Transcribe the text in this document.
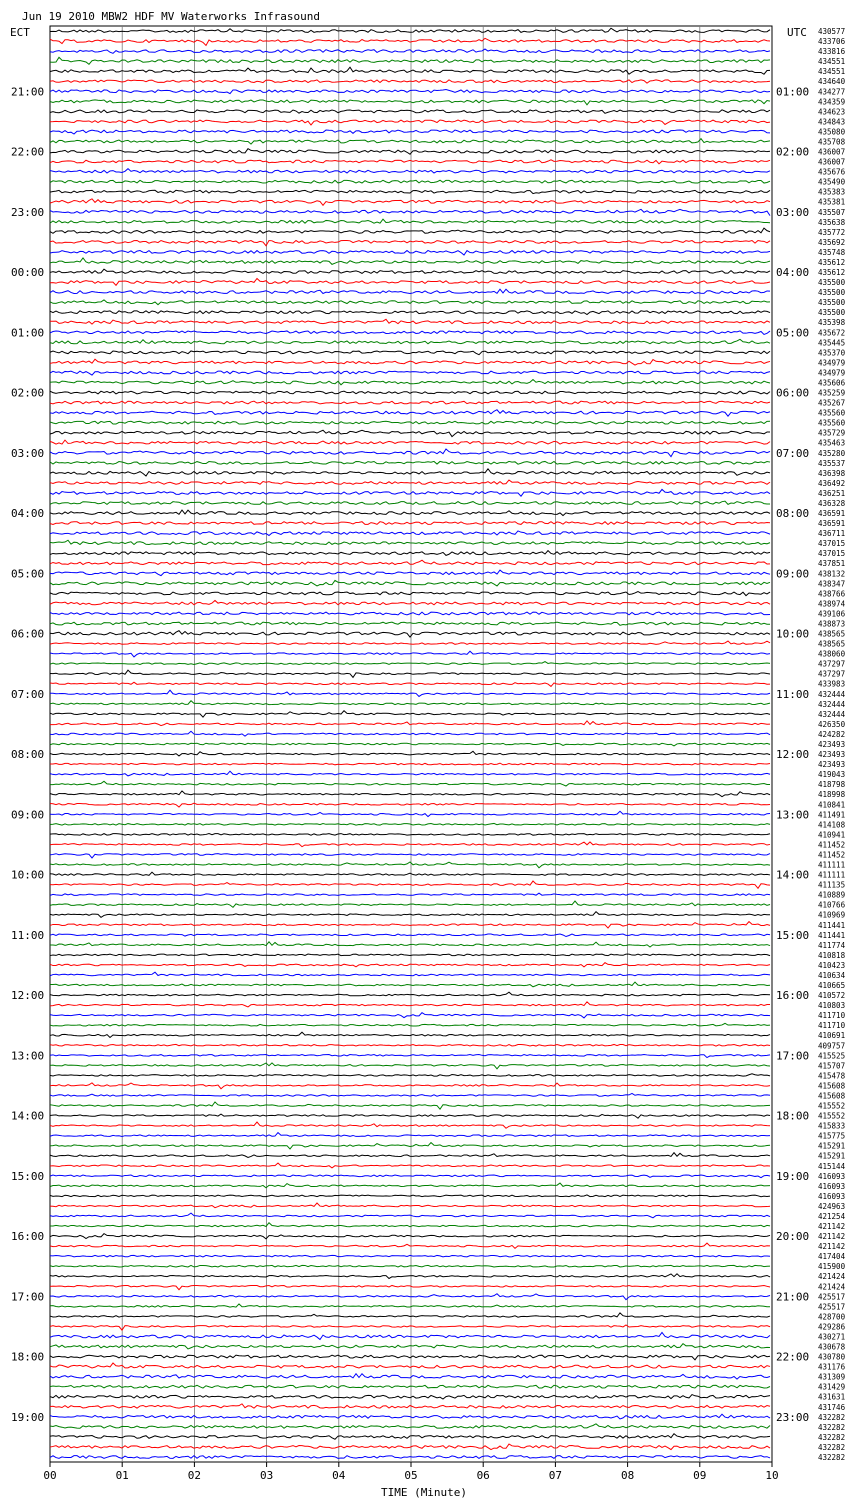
Jun 19 2010 MBW2 HDF MV Waterworks Infrasound
ECT	UTC
21:00
22:00
23:00
00:00
01:00
02:00
03:00
04:00
05:00
06:00
07:00
08:00
09:00
10:00
11:00
12:00
13:00
14:00
15:00
16:00
17:00
18:00
19:00
01:00
02:00
03:00
04:00
05:00
06:00
07:00
08:00
09:00
10:00
11:00
12:00
13:00
14:00
15:00
16:00
17:00
18:00
19:00
20:00
21:00
22:00
23:00
430577
433706
433816
434551
434551
434640
434277
434359
434623
434843
435080
435708
436007
436007
435676
435490
435383
435381
435507
435638
435772
435692
435748
435612
435612
435500
435500
435500
435500
435398
435672
435445
435370
434979
434979
435606
435259
435267
435560
435560
435729
435463
435280
435537
436398
436492
436251
436328
436591
436591
436711
437015
437015
437851
438132
438347
438766
438974
439106
438873
438565
438565
438060
437297
437297
433983
432444
432444
432444
426350
424282
423493
423493
423493
419043
418798
418998
410841
411491
414108
410941
411452
411452
411111
411111
411135
410889
410766
410969
411441
411441
411774
410818
410423
410634
410665
410572
410803
411710
411710
410691
409757
415525
415707
415478
415608
415608
415552
415552
415833
415775
415291
415291
415144
416093
416093
416093
424963
421254
421142
421142
421142
417404
415900
421424
421424
425517
425517
428700
429286
430271
430678
430780
431176
431309
431429
431631
431746
432282
432282
432282
432282
432282
00	01	02	03	04	05	06	07	08	09	10
TIME (Minute)
